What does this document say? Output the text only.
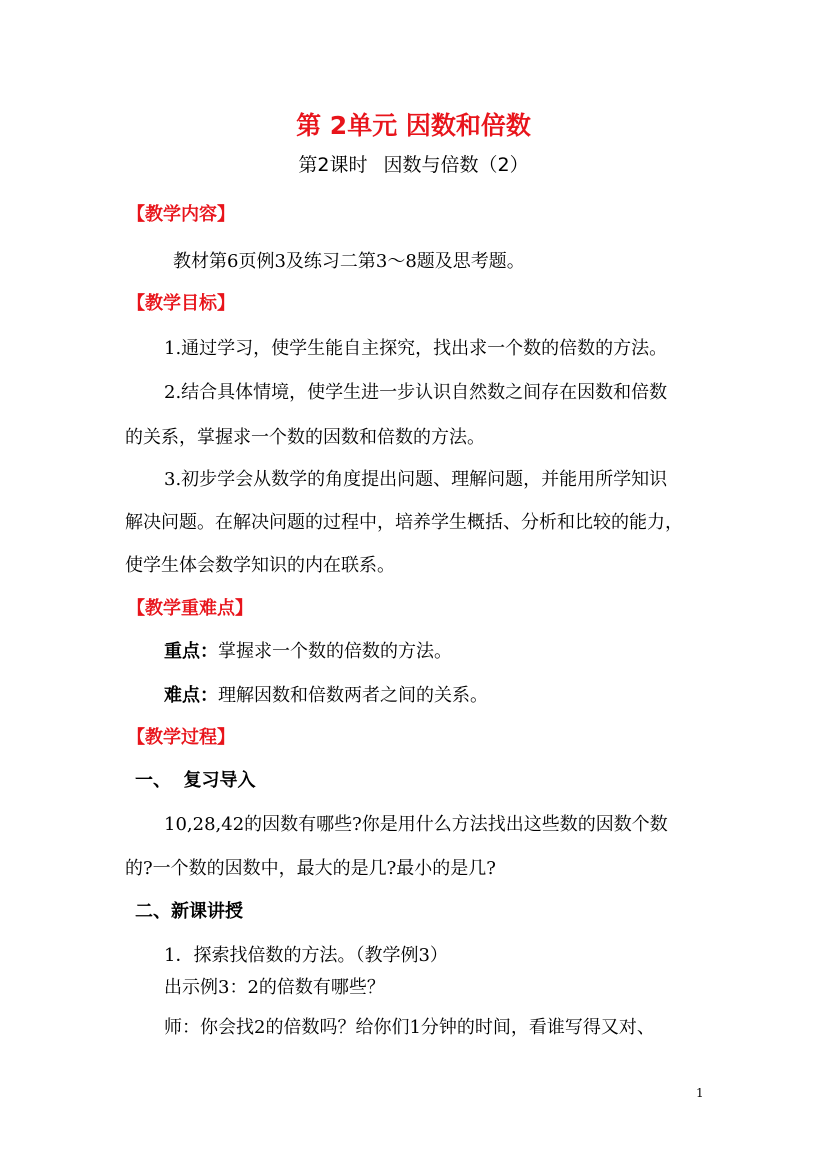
第 2单元 因数和倍数
第2课时 因数与倍数（2）
【教学内容】
教材第6页例3及练习二第3～8题及思考题。
【教学目标】
1.通过学习，使学生能自主探究，找出求一个数的倍数的方法。
2.结合具体情境，使学生进一步认识自然数之间存在因数和倍数
的关系，掌握求一个数的因数和倍数的方法。
3.初步学会从数学的角度提出问题、理解问题，并能用所学知识
解决问题。在解决问题的过程中，培养学生概括、分析和比较的能力，
使学生体会数学知识的内在联系。
【教学重难点】
重点：掌握求一个数的倍数的方法。
难点：理解因数和倍数两者之间的关系。
【教学过程】
一、  复习导入
10,28,42的因数有哪些?你是用什么方法找出这些数的因数个数
的?一个数的因数中，最大的是几?最小的是几?
二、新课讲授
1．探索找倍数的方法。（教学例3）
出示例3：2的倍数有哪些？
师：你会找2的倍数吗？给你们1分钟的时间，看谁写得又对、
1
